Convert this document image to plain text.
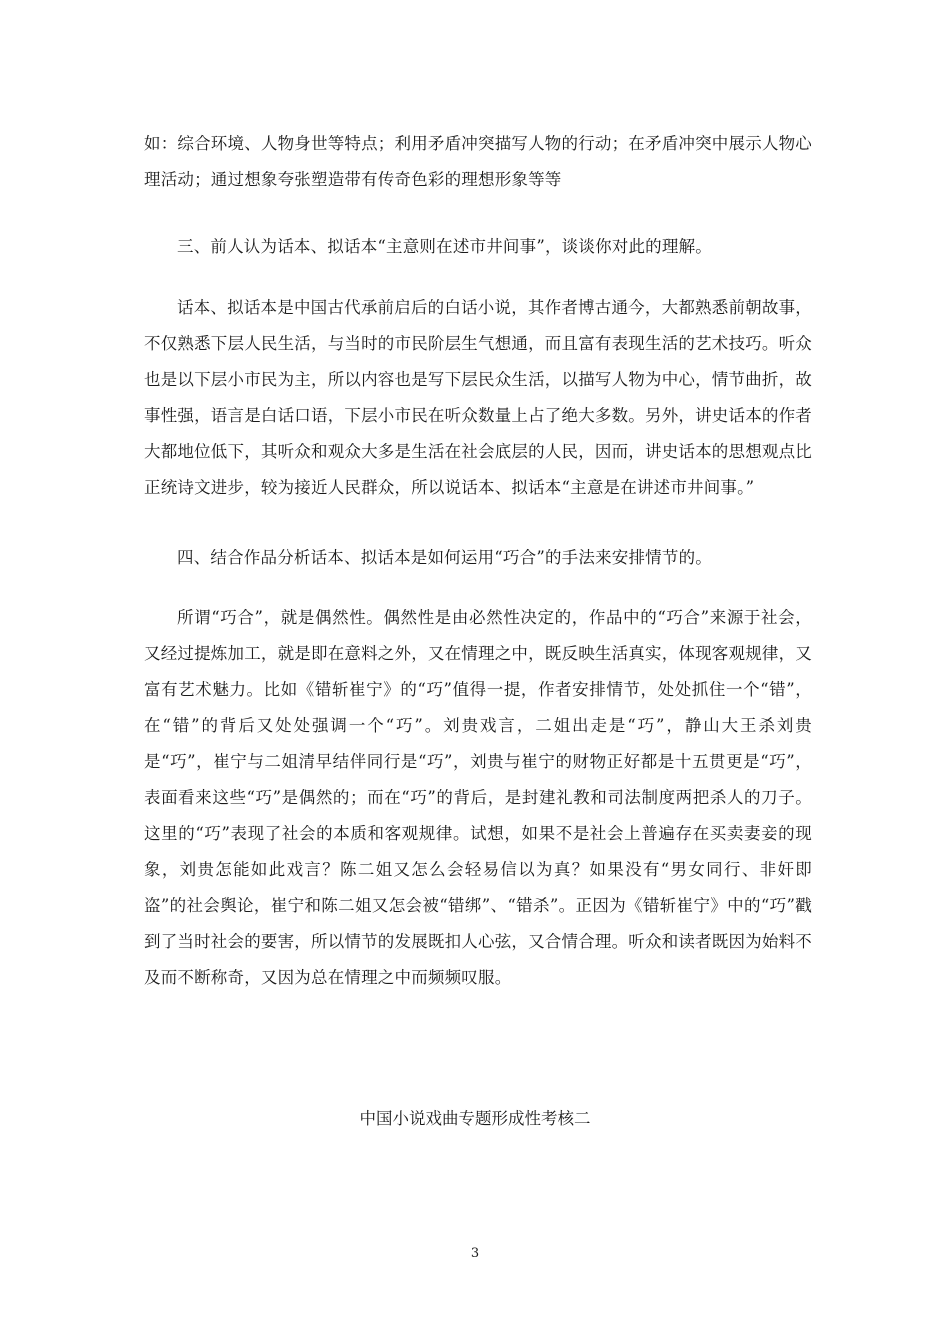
如：综合环境、人物身世等特点；利用矛盾冲突描写人物的行动；在矛盾冲突中展示人物心理活动；通过想象夸张塑造带有传奇色彩的理想形象等等

三、前人认为话本、拟话本“主意则在述市井间事”，谈谈你对此的理解。

话本、拟话本是中国古代承前启后的白话小说，其作者博古通今，大都熟悉前朝故事，不仅熟悉下层人民生活，与当时的市民阶层生气想通，而且富有表现生活的艺术技巧。听众也是以下层小市民为主，所以内容也是写下层民众生活，以描写人物为中心，情节曲折，故事性强，语言是白话口语，下层小市民在听众数量上占了绝大多数。另外，讲史话本的作者大都地位低下，其听众和观众大多是生活在社会底层的人民，因而，讲史话本的思想观点比正统诗文进步，较为接近人民群众，所以说话本、拟话本“主意是在讲述市井间事。”

四、结合作品分析话本、拟话本是如何运用“巧合”的手法来安排情节的。

所谓“巧合”，就是偶然性。偶然性是由必然性决定的，作品中的“巧合”来源于社会，又经过提炼加工，就是即在意料之外，又在情理之中，既反映生活真实，体现客观规律，又富有艺术魅力。比如《错斩崔宁》的“巧”值得一提，作者安排情节，处处抓住一个“错”，在“错”的背后又处处强调一个“巧”。刘贵戏言，二姐出走是“巧”，静山大王杀刘贵是“巧”，崔宁与二姐清早结伴同行是“巧”，刘贵与崔宁的财物正好都是十五贯更是“巧”，表面看来这些“巧”是偶然的；而在“巧”的背后，是封建礼教和司法制度两把杀人的刀子。这里的“巧”表现了社会的本质和客观规律。试想，如果不是社会上普遍存在买卖妻妾的现象，刘贵怎能如此戏言？陈二姐又怎么会轻易信以为真？如果没有“男女同行、非奸即盗”的社会舆论，崔宁和陈二姐又怎会被“错绑”、“错杀”。正因为《错斩崔宁》中的“巧”戳到了当时社会的要害，所以情节的发展既扣人心弦，又合情合理。听众和读者既因为始料不及而不断称奇，又因为总在情理之中而频频叹服。

中国小说戏曲专题形成性考核二

3
